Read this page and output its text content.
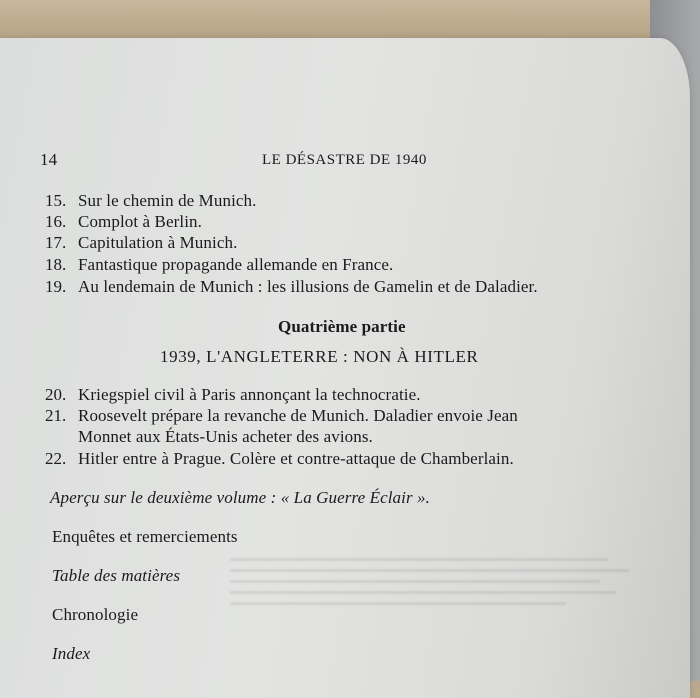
14	LE DÉSASTRE DE 1940
15. Sur le chemin de Munich.
16. Complot à Berlin.
17. Capitulation à Munich.
18. Fantastique propagande allemande en France.
19. Au lendemain de Munich : les illusions de Gamelin et de Daladier.
Quatrième partie
1939, L'ANGLETERRE : NON À HITLER
20. Kriegspiel civil à Paris annonçant la technocratie.
21. Roosevelt prépare la revanche de Munich. Daladier envoie Jean
Monnet aux États-Unis acheter des avions.
22. Hitler entre à Prague. Colère et contre-attaque de Chamberlain.
Aperçu sur le deuxième volume : « La Guerre Éclair ».
Enquêtes et remerciements
Table des matières
Chronologie
Index
